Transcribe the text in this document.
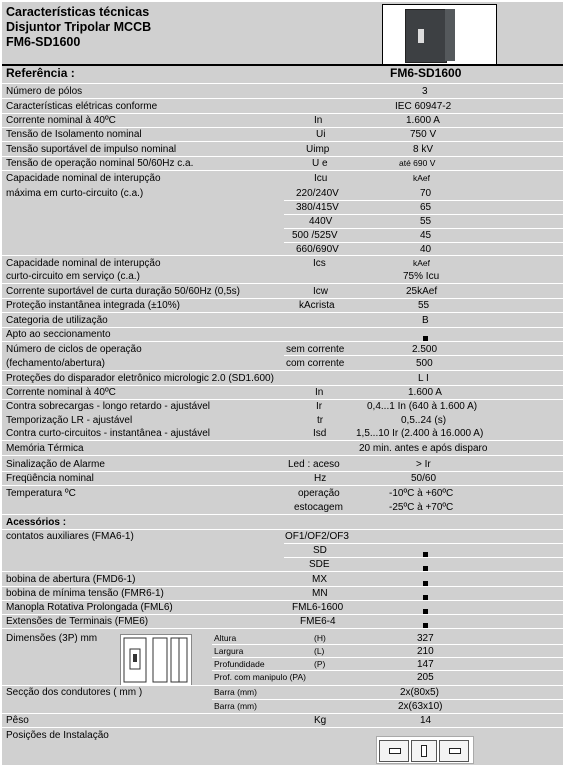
Características técnicas
Disjuntor Tripolar MCCB
FM6-SD1600
Referência :	FM6-SD1600
Número de pólos	3
Características elétricas conforme	IEC 60947-2
Corrente nominal à 40ºC	In	1.600 A
Tensão de Isolamento nominal	Ui	750 V
Tensão suportável de impulso nominal	Uimp	8 kV
Tensão de operação nominal 50/60Hz c.a.	U e	até 690 V
Capacidade nominal de interupção	Icu	kAef
máxima em curto-circuito (c.a.)	220/240V	70
380/415V	65
440V	55
500 /525V	45
660/690V	40
Capacidade nominal de interupção	Ics	kAef
curto-circuito em serviço (c.a.)	75% Icu
Corrente suportável de curta duração 50/60Hz (0,5s)	Icw	25kAef
Proteção instantânea integrada (±10%)	kAcrista	55
Categoria de utilização	B
Apto ao seccionamento
Número de ciclos de operação	sem corrente	2.500
(fechamento/abertura)	com corrente	500
Proteções do disparador eletrônico micrologic 2.0 (SD1.600)	L I
Corrente nominal à 40ºC	In	1.600 A
Contra sobrecargas - longo retardo - ajustável	Ir	0,4...1 In (640 à 1.600 A)
Temporização LR - ajustável	tr	0,5..24 (s)
Contra curto-circuitos - instantânea - ajustável	Isd	1,5...10 Ir (2.400 à 16.000 A)
Memória Térmica	20 min. antes e após disparo
Sinalização de Alarme	Led : aceso	> Ir
Freqüência nominal	Hz	50/60
Temperatura ºC	operação	-10ºC à +60ºC
estocagem	-25ºC à +70ºC
Acessórios :
contatos auxiliares (FMA6-1)	OF1/OF2/OF3
SD
SDE
bobina de abertura (FMD6-1)	MX
bobina de mínima tensão (FMR6-1)	MN
Manopla Rotativa Prolongada (FML6)	FML6-1600
Extensões de Terminais (FME6)	FME6-4
Dimensões (3P) mm	Altura	(H)	327
Largura	(L)	210
Profundidade	(P)	147
Prof. com manipulo (PA)	205
Secção dos condutores ( mm )	Barra (mm)	2x(80x5)
Barra (mm)	2x(63x10)
Pêso	Kg	14
Posições de Instalação
